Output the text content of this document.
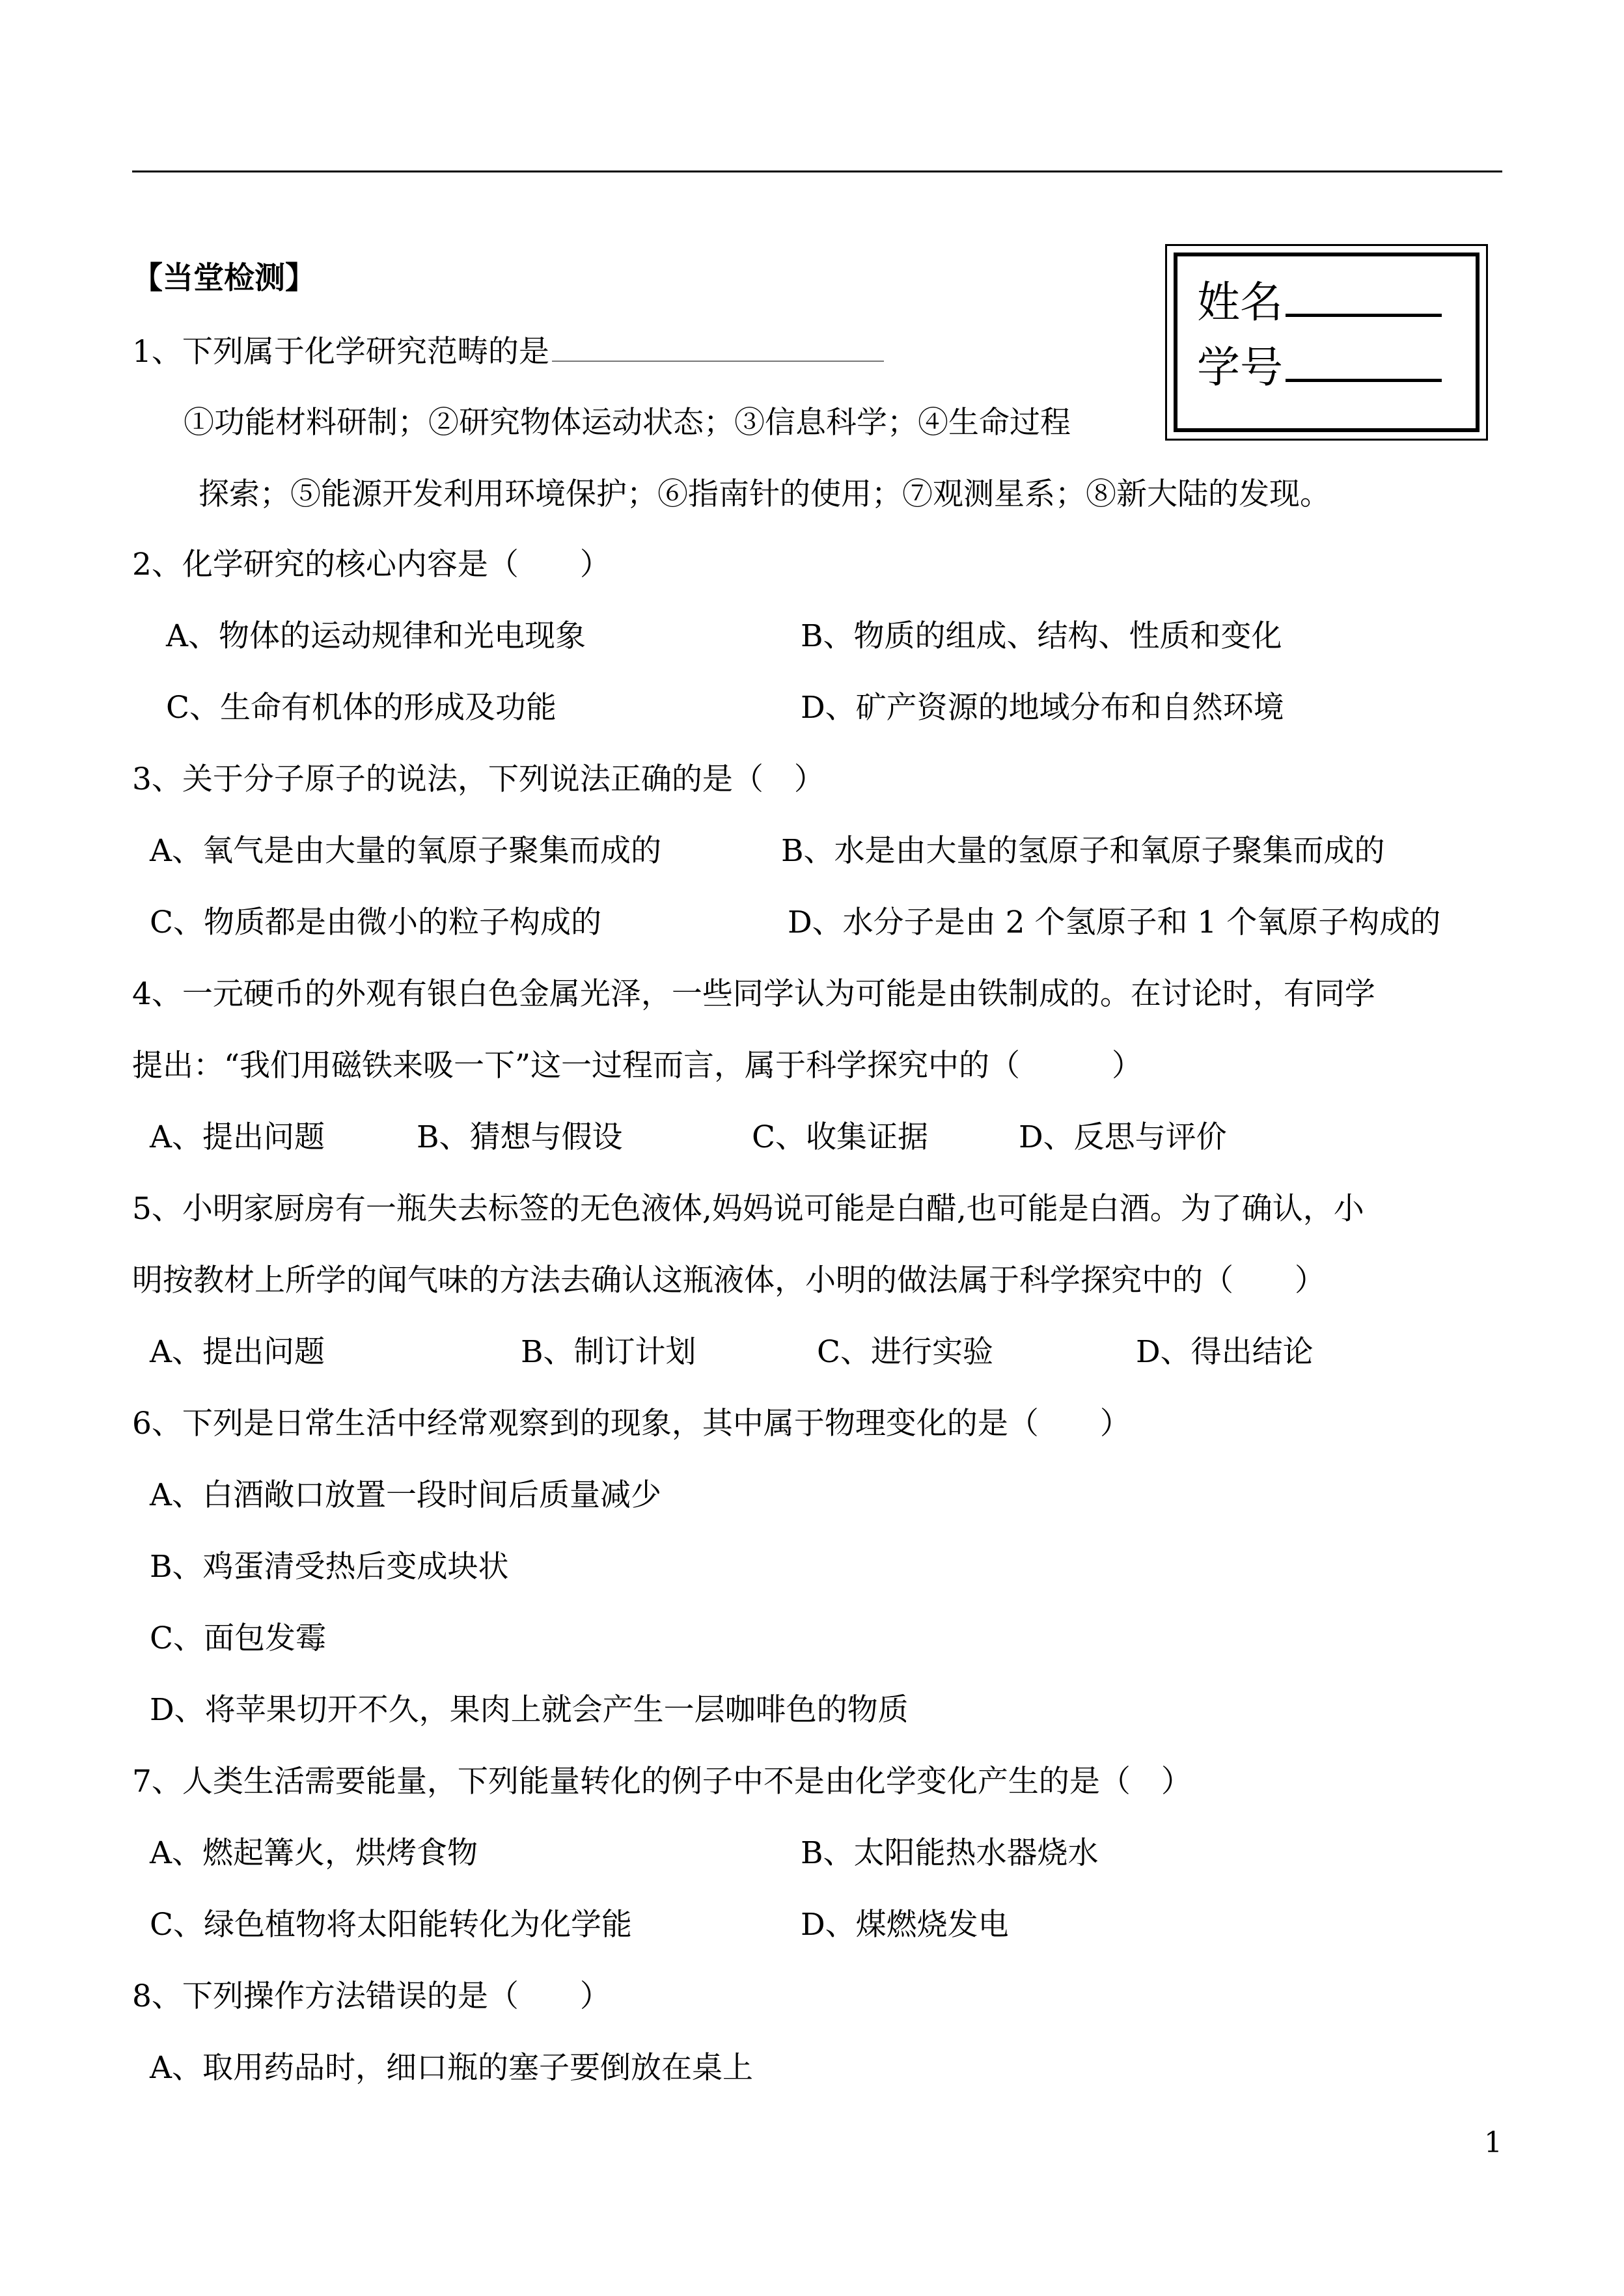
【当堂检测】	姓名
学号
1、下列属于化学研究范畴的是
①功能材料研制；②研究物体运动状态；③信息科学；④生命过程
探索；⑤能源开发利用环境保护；⑥指南针的使用；⑦观测星系；⑧新大陆的发现。
2、化学研究的核心内容是（　　）
A、物体的运动规律和光电现象	B、物质的组成、结构、性质和变化
C、生命有机体的形成及功能	D、矿产资源的地域分布和自然环境
3、关于分子原子的说法，下列说法正确的是（　）
A、氧气是由大量的氧原子聚集而成的	B、水是由大量的氢原子和氧原子聚集而成的
C、物质都是由微小的粒子构成的	D、水分子是由 2 个氢原子和 1 个氧原子构成的
4、一元硬币的外观有银白色金属光泽，一些同学认为可能是由铁制成的。在讨论时，有同学
提出：“我们用磁铁来吸一下”这一过程而言，属于科学探究中的（　　　）
A、提出问题	B、猜想与假设	C、收集证据	D、反思与评价
5、小明家厨房有一瓶失去标签的无色液体,妈妈说可能是白醋,也可能是白酒。为了确认，小
明按教材上所学的闻气味的方法去确认这瓶液体，小明的做法属于科学探究中的（　　）
A、提出问题	B、制订计划	C、进行实验	D、得出结论
6、下列是日常生活中经常观察到的现象，其中属于物理变化的是（　　）
A、白酒敞口放置一段时间后质量减少
B、鸡蛋清受热后变成块状
C、面包发霉
D、将苹果切开不久，果肉上就会产生一层咖啡色的物质
7、人类生活需要能量，下列能量转化的例子中不是由化学变化产生的是（　）
A、燃起篝火，烘烤食物	B、太阳能热水器烧水
C、绿色植物将太阳能转化为化学能	D、煤燃烧发电
8、下列操作方法错误的是（　　）
A、取用药品时，细口瓶的塞子要倒放在桌上
1
